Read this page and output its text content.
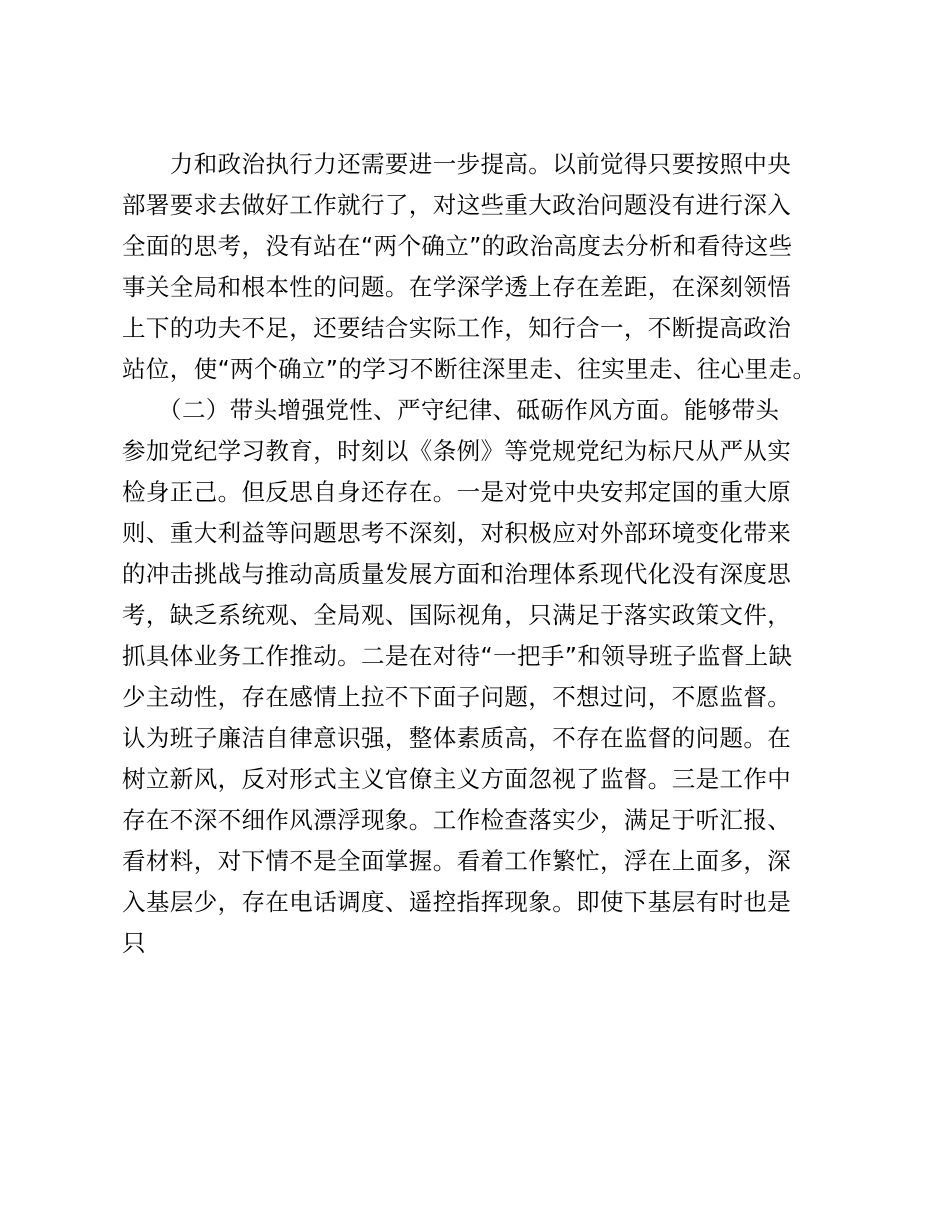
　　力和政治执行力还需要进一步提高。以前觉得只要按照中央
部署要求去做好工作就行了，对这些重大政治问题没有进行深入
全面的思考，没有站在“两个确立”的政治高度去分析和看待这些
事关全局和根本性的问题。在学深学透上存在差距，在深刻领悟
上下的功夫不足，还要结合实际工作，知行合一，不断提高政治
站位，使“两个确立”的学习不断往深里走、往实里走、往心里走。
　　（二）带头增强党性、严守纪律、砥砺作风方面。能够带头
参加党纪学习教育，时刻以《条例》等党规党纪为标尺从严从实
检身正己。但反思自身还存在。一是对党中央安邦定国的重大原
则、重大利益等问题思考不深刻，对积极应对外部环境变化带来
的冲击挑战与推动高质量发展方面和治理体系现代化没有深度思
考，缺乏系统观、全局观、国际视角，只满足于落实政策文件，
抓具体业务工作推动。二是在对待“一把手”和领导班子监督上缺
少主动性，存在感情上拉不下面子问题，不想过问，不愿监督。
认为班子廉洁自律意识强，整体素质高，不存在监督的问题。在
树立新风，反对形式主义官僚主义方面忽视了监督。三是工作中
存在不深不细作风漂浮现象。工作检查落实少，满足于听汇报、
看材料，对下情不是全面掌握。看着工作繁忙，浮在上面多，深
入基层少，存在电话调度、遥控指挥现象。即使下基层有时也是
只
